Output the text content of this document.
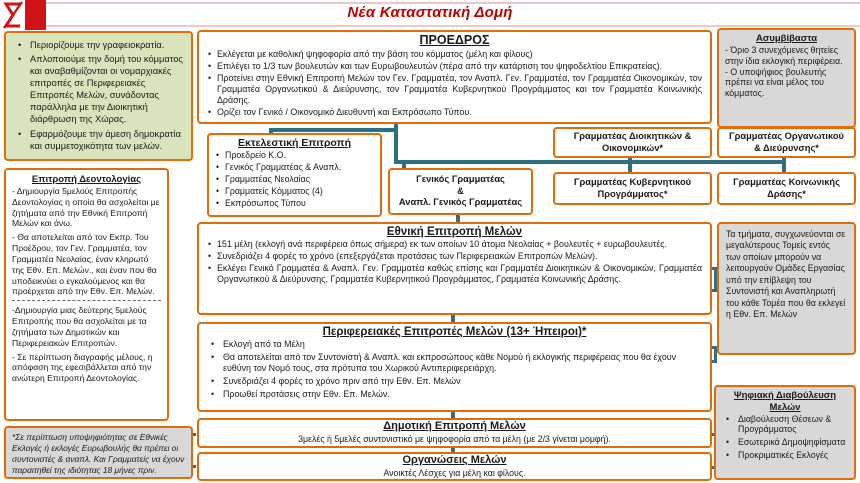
Νέα Καταστατική Δομή
• Περιορίζουμε την γραφειοκρατία.
• Απλοποιούμε την δομή του κόμματος και αναβαθμίζονται οι νομαρχιακές επιτροπές σε Περιφερειακές Επιτροπές Μελών, συνάδοντας παράλληλα με την Διοικητική διάρθρωση της Χώρας.
• Εφαρμόζουμε την άμεση δημοκρατία και συμμετοχικότητα των μελών.
Επιτροπή Δεοντολογίας

- Δημιουργία 5μελούς Επιτροπής Δεοντολογίας η οποία θα ασχολείται με ζητήματα από την Εθνική Επιτροπή Μελών και άνω.

- Θα αποτελείται από τον Εκπρ. Του Προέδρου, τον Γεν. Γραμματέα, τον Γραμματέα Νεολαίας, έναν κληρωτό της Εθν. Επ. Μελών., και έναν που θα υποδεικνύει ο εγκαλούμενος και θα προέρχεται από την Εθν. Επ. Μελών.

-Δημιουργία μιας δεύτερης 5μελούς Επιτροπής που θα ασχολείται με τα ζητήματα των Δημοτικών και Περιφερειακών Επιτροπών.

- Σε περίπτωση διαγραφής μέλους, η απόφαση της εφεσιβάλλεται από την ανώτερη Επιτροπή Δεοντολογίας.

*Σε περίπτωση υποψηφιότητας σε Εθνικές Εκλογές ή εκλογές Ευρωβουλής θα πρέπει οι συντονιστές & αναπλ. Και Γραμματείς να έχουν παραιτηθεί της ιδιότητας 18 μήνες πριν.
ΠΡΟΕΔΡΟΣ
• Εκλέγεται με καθολική ψηφοφορία από την βάση του κόμματος (μέλη και φίλους)
• Επιλέγει το 1/3 των βουλευτών και των Ευρωβουλευτών (πέρα από την κατάρτιση του ψηφοδελτίου Επικρατείας).
• Προτείνει στην Εθνική Επιτροπή Μελών τον Γεν. Γραμματέα, τον Αναπλ. Γεν. Γραμματέα, τον Γραμματέα Οικονομικών, τον Γραμματέα Οργανωτικού & Διεύρυνσης, τον Γραμματέα Κυβερνητικού Προγράμματος και τον Γραμματέα Κοινωνικής Δράσης.
• Ορίζει τον Γενικό / Οικονομικό Διευθυντή και Εκπρόσωπο Τύπου.
Εκτελεστική Επιτροπή
• Προεδρείο Κ.Ο.
• Γενικός Γραμματέας & Αναπλ.
• Γραμματέας Νεολαίας
• Γραμματείς Κόμματος (4)
• Εκπρόσωπος Τύπου
Γενικός Γραμματέας
&
Αναπλ. Γενικός Γραμματέας
Γραμματέας Διοικητικών & Οικονομικών*
Γραμματέας Οργανωτικού & Διεύρυνσης*
Γραμματέας Κυβερνητικού Προγράμματος*
Γραμματέας Κοινωνικής Δράσης*
Εθνική Επιτροπή Μελών
• 151 μέλη (εκλογή ανά περιφέρεια όπως σήμερα) εκ των οποίων 10 άτομα Νεολαίας + βουλευτές + ευρωβουλευτές.
• Συνεδριάζει 4 φορές το χρόνο (επεξεργάζεται προτάσεις των Περιφερειακών Επιτροπών Μελών).
• Εκλέγει Γενικό Γραμματέα & Αναπλ. Γεν. Γραμματέα καθώς επίσης και Γραμματέα Διοικητικών & Οικονομικών, Γραμματέα Οργανωτικού & Διεύρυνσης, Γραμματέα Κυβερνητικού Προγράμματος, Γραμματέα Κοινωνικής Δράσης.
Περιφερειακές Επιτροπές Μελών (13+ Ήπειροι)*
• Εκλογή από τα Μέλη
• Θα αποτελείται από τον Συντονιστή & Αναπλ. και εκπροσώπους κάθε Νομού ή εκλογικής περιφέρειας που θα έχουν ευθύνη τον Νομό τους, στα πρότυπα του Χωρικού Αντιπεριφερειάρχη.
• Συνεδριάζει 4 φορές το χρόνο πριν από την Εθν. Επ. Μελών
• Προωθεί προτάσεις στην Εθν. Επ. Μελών.
Δημοτική Επιτροπή Μελών
3μελές ή 5μελές συντονιστικό με ψηφοφορία από τα μέλη (με 2/3 γίνεται μομφή).
Οργανώσεις Μελών
Ανοικτές Λέσχες για μέλη και φίλους.
Ασυμβίβαστα
- Όριο 3 συνεχόμενες θητείες στην ίδια εκλογική περιφέρεια.
- Ο υποψήφιος βουλευτής πρέπει να είναι μέλος του κόμματος.
Τα τμήματα, συγχωνεύονται σε μεγαλύτερους Τομείς εντός των οποίων μπορούν να λειτουργούν Ομάδες Εργασίας υπό την επίβλεψη του Συντονιστή και Αναπληρωτή του κάθε Τομέα που θα εκλεγεί η Εθν. Επ. Μελών
Ψηφιακή Διαβούλευση Μελών
• Διαβούλευση Θέσεων & Προγράμματος
• Εσωτερικά Δημοψηφίσματα
• Προκριματικές Εκλογές
